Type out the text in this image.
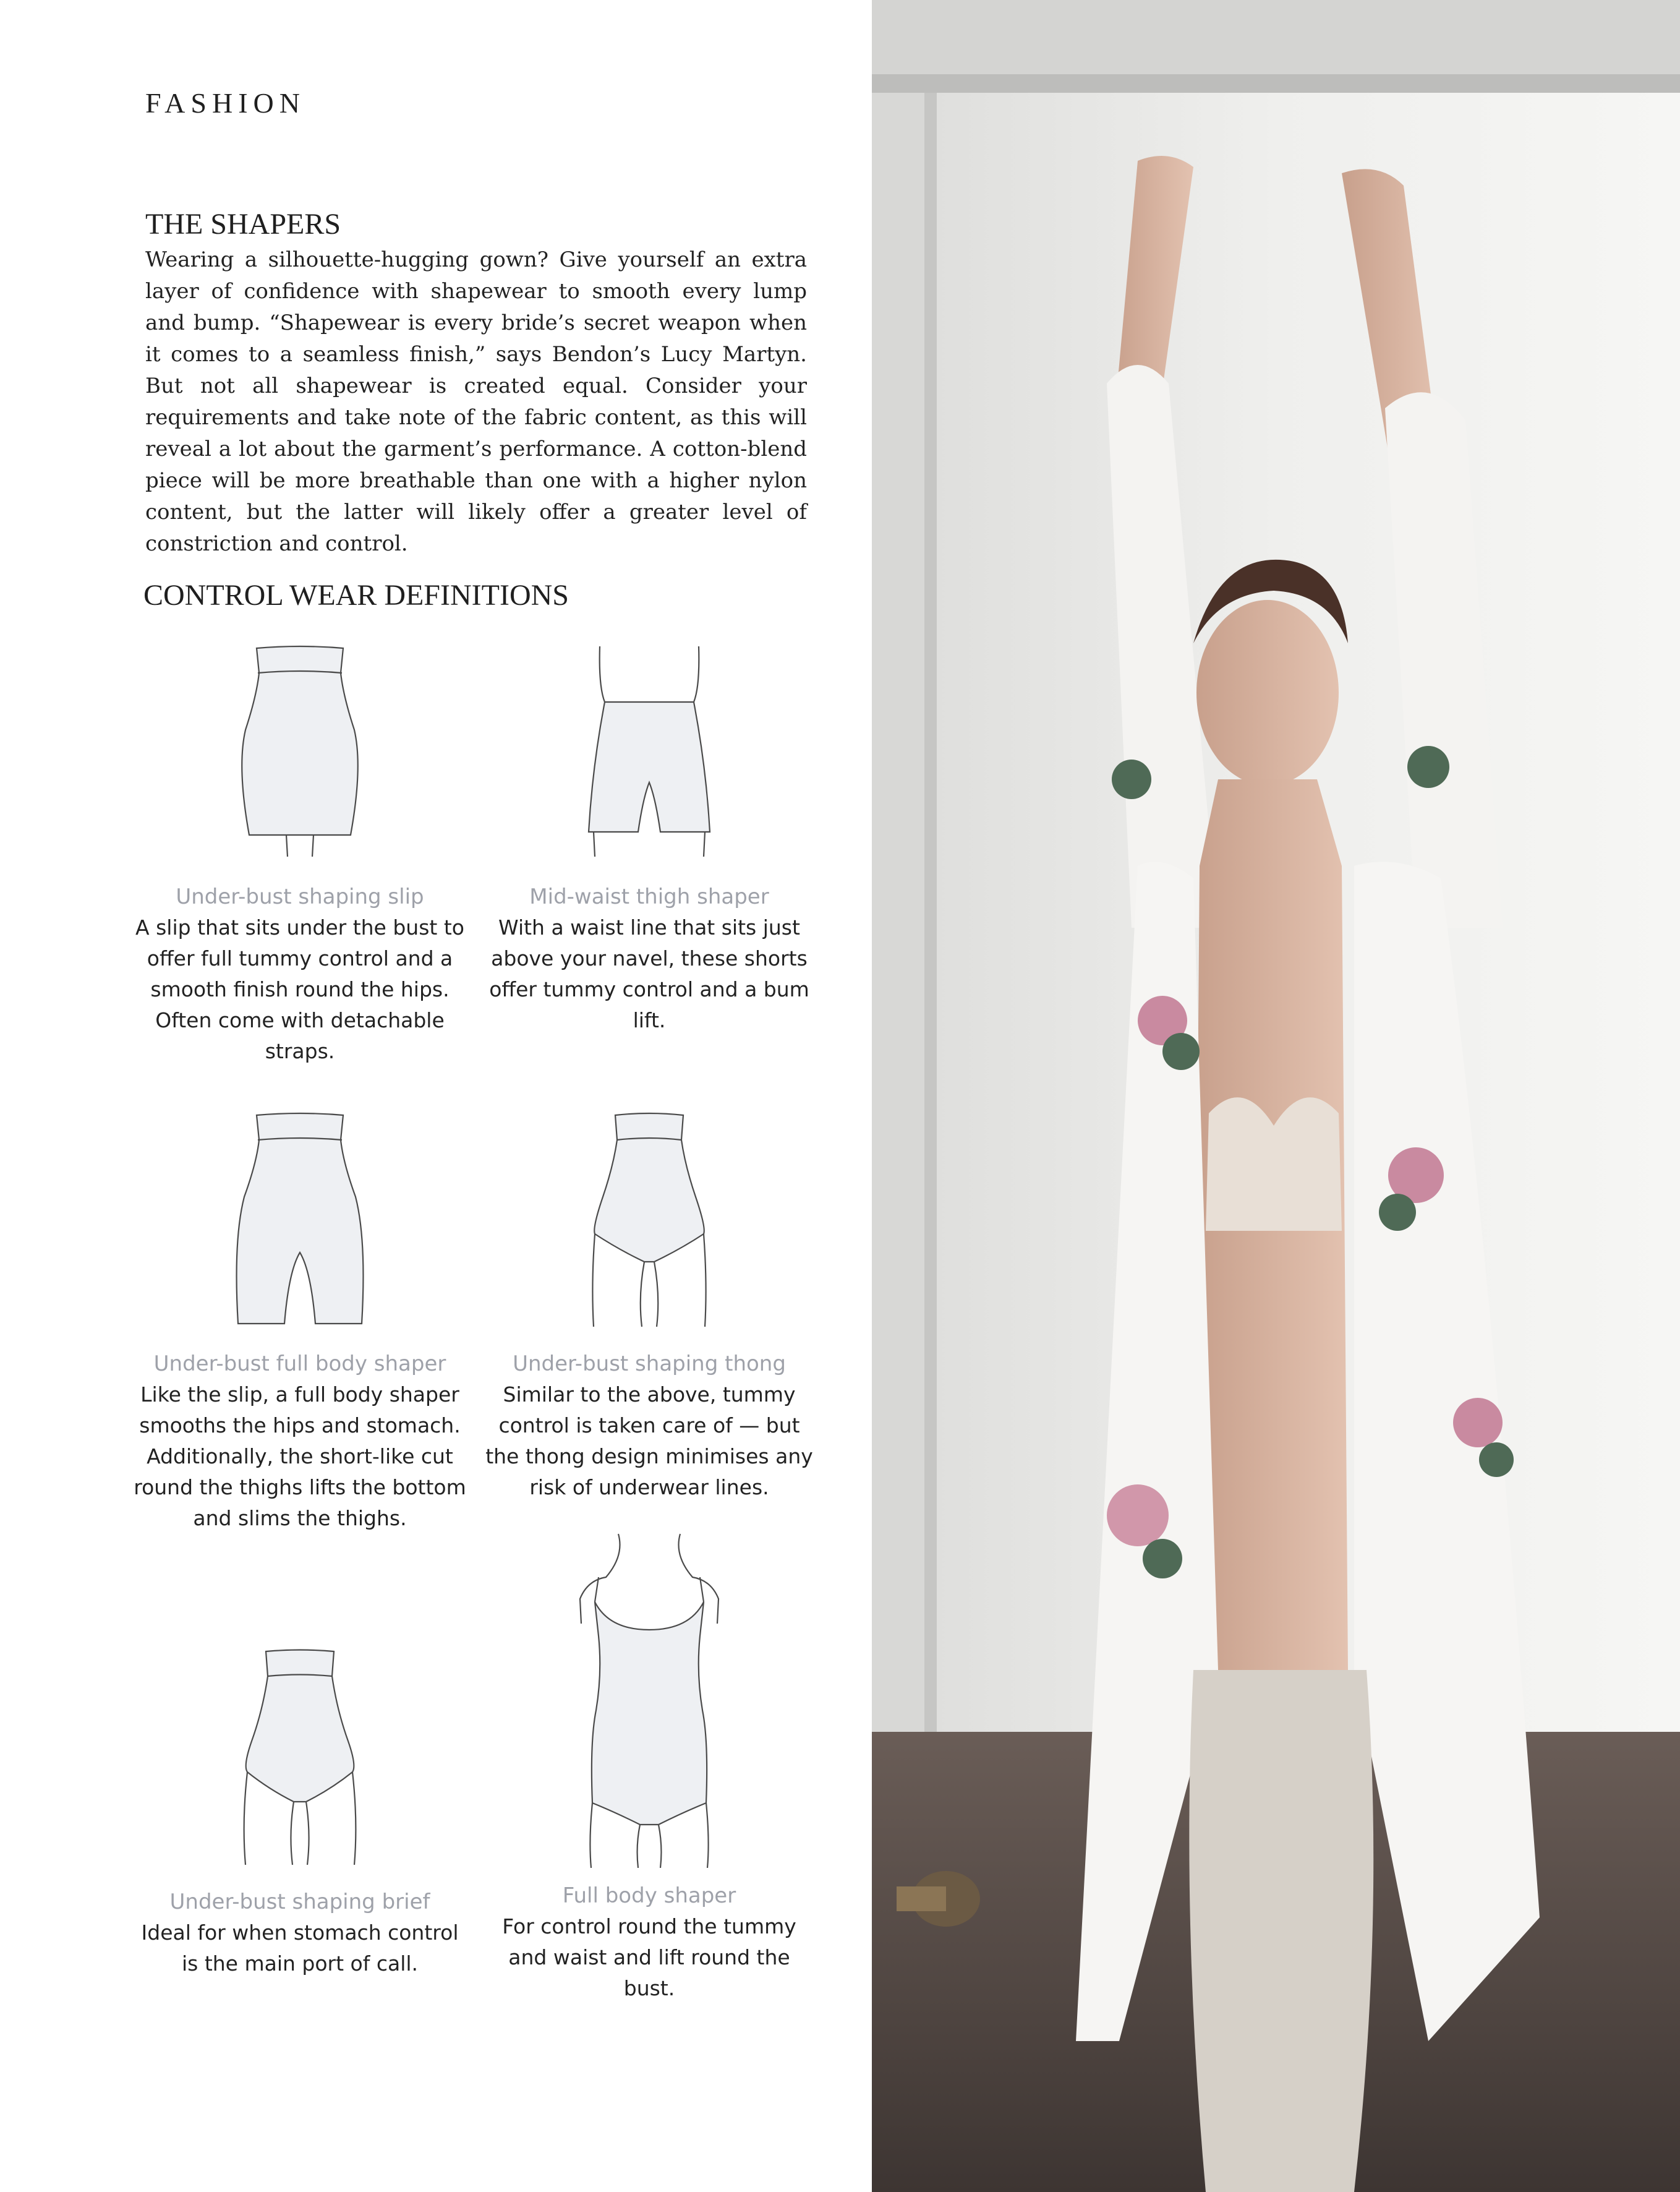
FASHION
THE SHAPERS

Wearing a silhouette-hugging gown? Give yourself an extra layer of confidence with shapewear to smooth every lump and bump. “Shapewear is every bride’s secret weapon when it comes to a seamless finish,” says Bendon’s Lucy Martyn. But not all shapewear is created equal. Consider your requirements and take note of the fabric content, as this will reveal a lot about the garment’s performance. A cotton-blend piece will be more breathable than one with a higher nylon content, but the latter will likely offer a greater level of constriction and control.

CONTROL WEAR DEFINITIONS

Under-bust shaping slip

A slip that sits under the bust to offer full tummy control and a smooth finish round the hips. Often come with detachable straps.

Mid-waist thigh shaper

With a waist line that sits just above your navel, these shorts offer tummy control and a bum lift.

Under-bust full body shaper

Like the slip, a full body shaper smooths the hips and stomach. Additionally, the short-like cut round the thighs lifts the bottom and slims the thighs.

Under-bust shaping thong

Similar to the above, tummy control is taken care of — but the thong design minimises any risk of underwear lines.

Under-bust shaping brief

Ideal for when stomach control is the main port of call.

Full body shaper

For control round the tummy and waist and lift round the bust.
